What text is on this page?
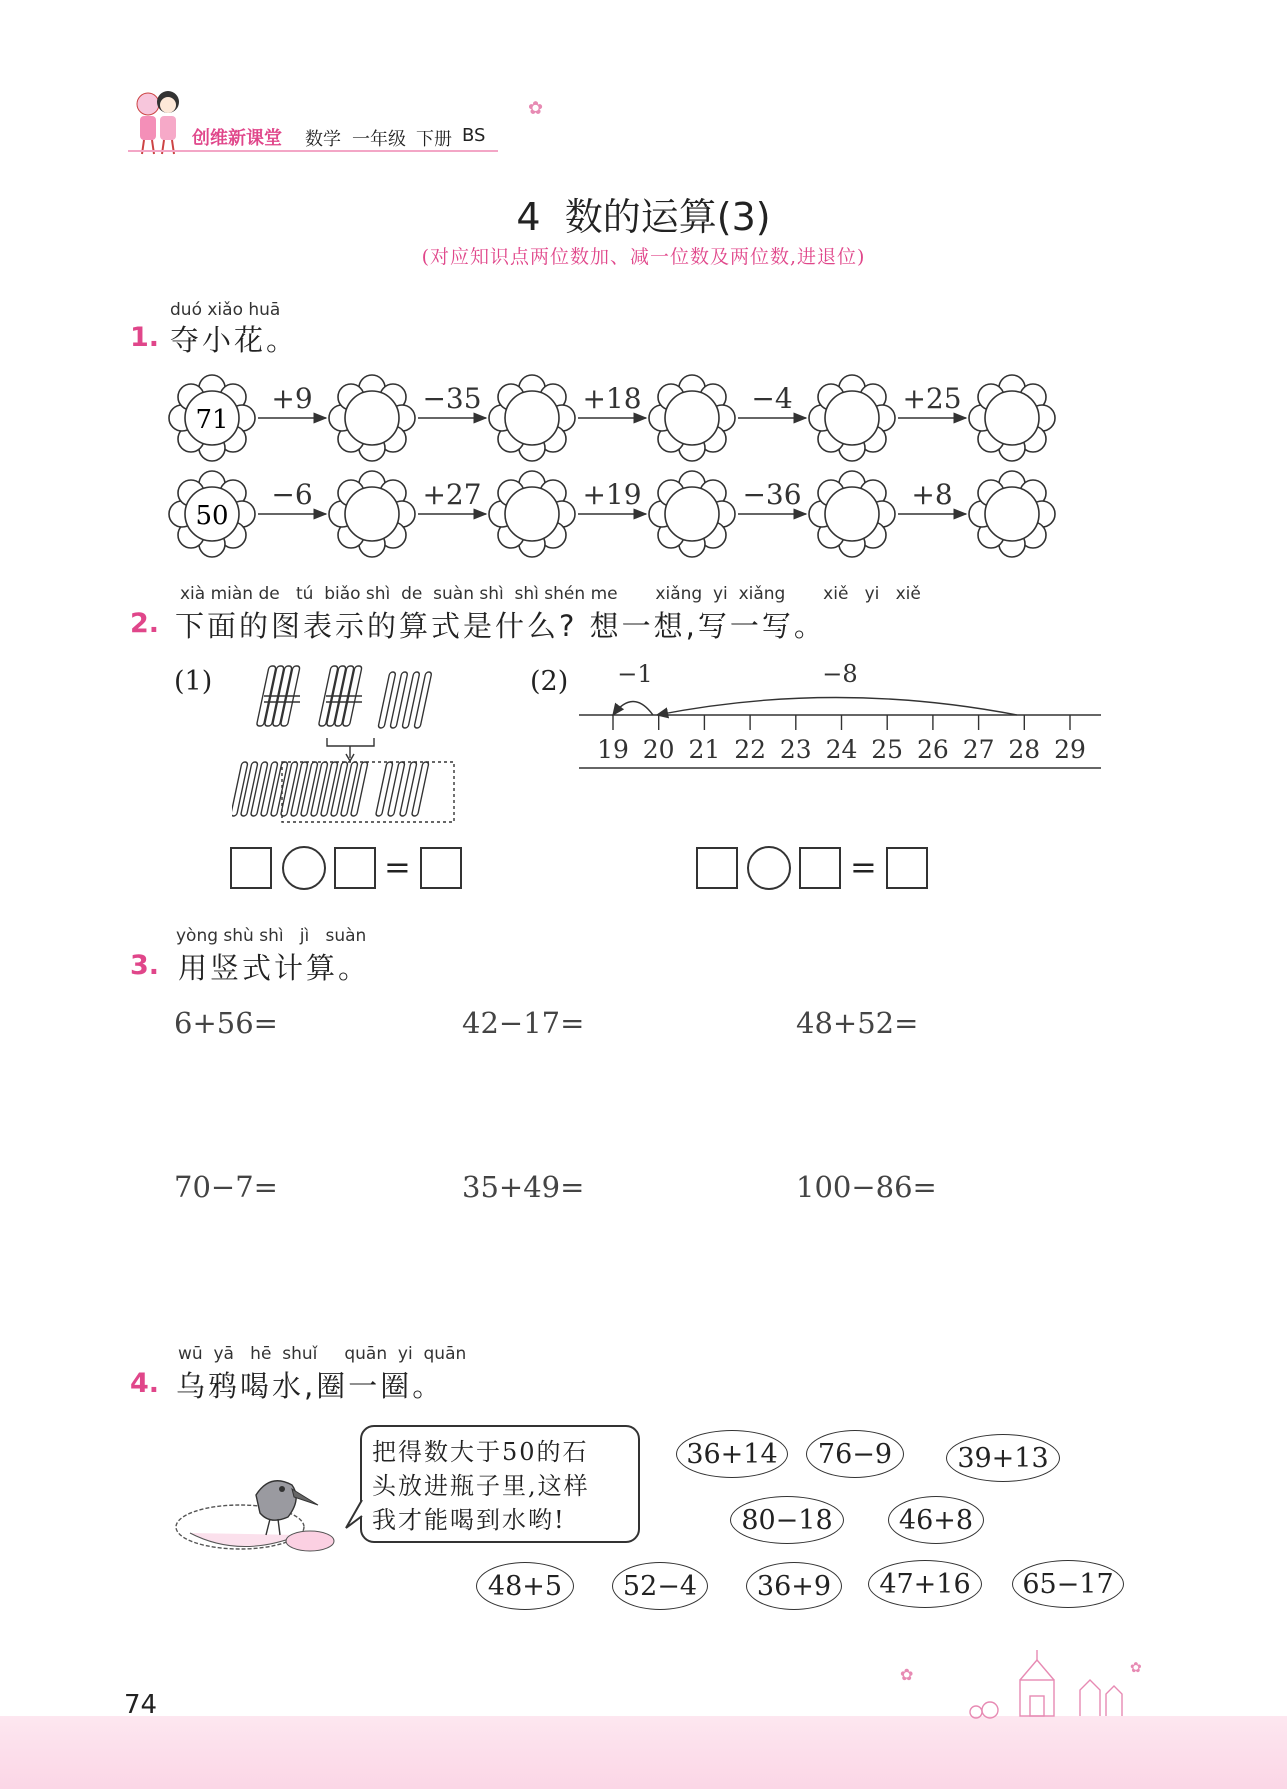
创维新课堂 数学 一年级 下册 BS
✿
4  数的运算(3)
(对应知识点两位数加、减一位数及两位数,进退位)
duó xiǎo huā
1. 夺小花。
71
+9	−35	+18	−4	+25
50
−6	+27	+19	−36	+8
xià miàn de   tú  biǎo shì  de  suàn shì  shì shén me       xiǎng  yi  xiǎng       xiě   yi   xiě
2. 下面的图表示的算式是什么? 想一想,写一写。
(1)	(2)
19 20 21 22 23 24 25 26 27 28 29
−1	−8
=	=
yòng shù shì   jì   suàn
3. 用竖式计算。
6+56=	42−17=	48+52=
70−7=	35+49=	100−86=
wū  yā   hē  shuǐ     quān  yi  quān
4. 乌鸦喝水,圈一圈。
把得数大于50的石
头放进瓶子里,这样
我才能喝到水哟!
36+14	76−9	39+13
80−18	46+8
48+5	52−4	36+9	47+16	65−17
74
✿	✿
